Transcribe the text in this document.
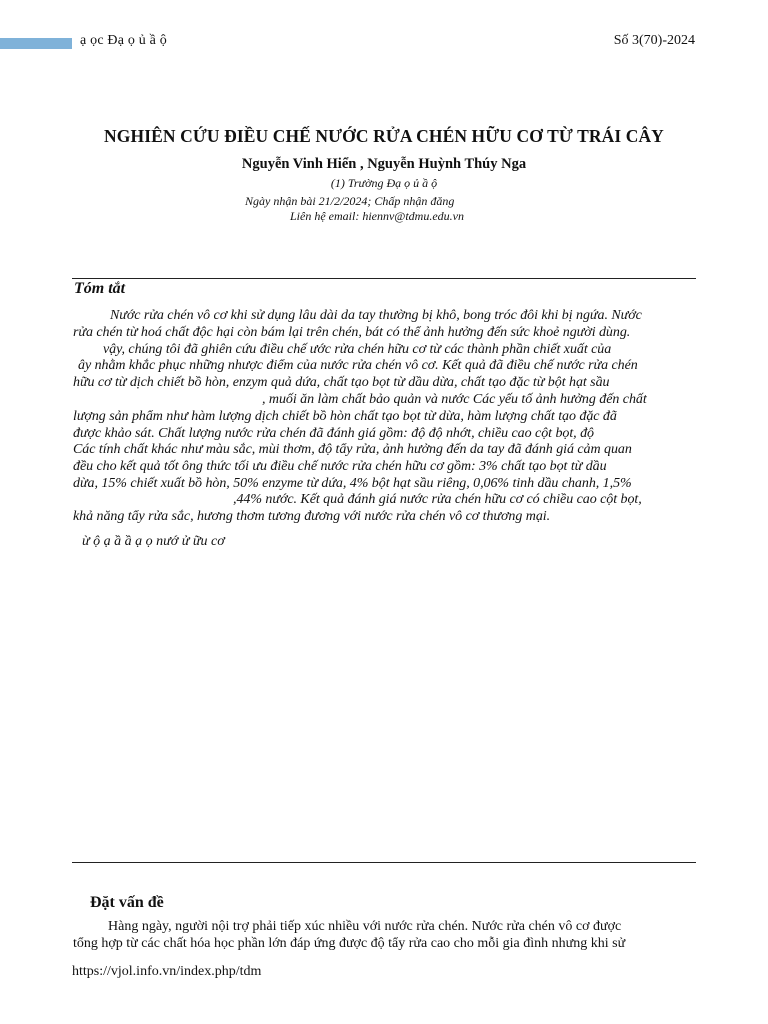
ạ ọc Đạ ọ ủ ầ ộ	Số 3(70)-2024
NGHIÊN CỨU ĐIỀU CHẾ NƯỚC RỬA CHÉN HỮU CƠ TỪ TRÁI CÂY
Nguyễn Vinh Hiển , Nguyễn Huỳnh Thúy Nga
(1) Trường Đạ ọ ủ ầ ộ
Ngày nhận bài 21/2/2024; Chấp nhận đăng
Liên hệ email: hiennv@tdmu.edu.vn
Tóm tắt
Nước rửa chén vô cơ khi sử dụng lâu dài da tay thường bị khô, bong tróc đôi khi bị ngứa. Nước
rửa chén từ hoá chất độc hại còn bám lại trên chén, bát có thể ảnh hưởng đến sức khoẻ người dùng.
vậy, chúng tôi đã ghiên cứu điều chế ước rửa chén hữu cơ từ các thành phần chiết xuất của
ây nhằm khắc phục những nhược điểm của nước rửa chén vô cơ. Kết quả đã điều chế nước rửa chén
hữu cơ từ dịch chiết bồ hòn, enzym quả dứa, chất tạo bọt từ dầu dừa, chất tạo đặc từ bột hạt sầu
, muối ăn làm chất bảo quản và nước Các yếu tố ảnh hưởng đến chất
lượng sản phẩm như hàm lượng dịch chiết bồ hòn chất tạo bọt từ dừa, hàm lượng chất tạo đặc đã
được khảo sát. Chất lượng nước rửa chén đã đánh giá gồm: độ độ nhớt, chiều cao cột bọt, độ
Các tính chất khác như màu sắc, mùi thơm, độ tẩy rửa, ảnh hưởng đến da tay đã đánh giá cảm quan
đều cho kết quả tốt ông thức tối ưu điều chế nước rửa chén hữu cơ gồm: 3% chất tạo bọt từ dầu
dừa, 15% chiết xuất bồ hòn, 50% enzyme từ dứa, 4% bột hạt sầu riêng, 0,06% tinh dầu chanh, 1,5%
,44% nước. Kết quả đánh giá nước rửa chén hữu cơ có chiều cao cột bọt,
khả năng tẩy rửa sắc, hương thơm tương đương với nước rửa chén vô cơ thương mại.
ừ ộ ạ ầ ầ ạ ọ nướ ử ữu cơ
Đặt vấn đề
Hàng ngày, người nội trợ phải tiếp xúc nhiều với nước rửa chén. Nước rửa chén vô cơ được
tổng hợp từ các chất hóa học phần lớn đáp ứng được độ tẩy rửa cao cho mỗi gia đình nhưng khi sử
https://vjol.info.vn/index.php/tdm
